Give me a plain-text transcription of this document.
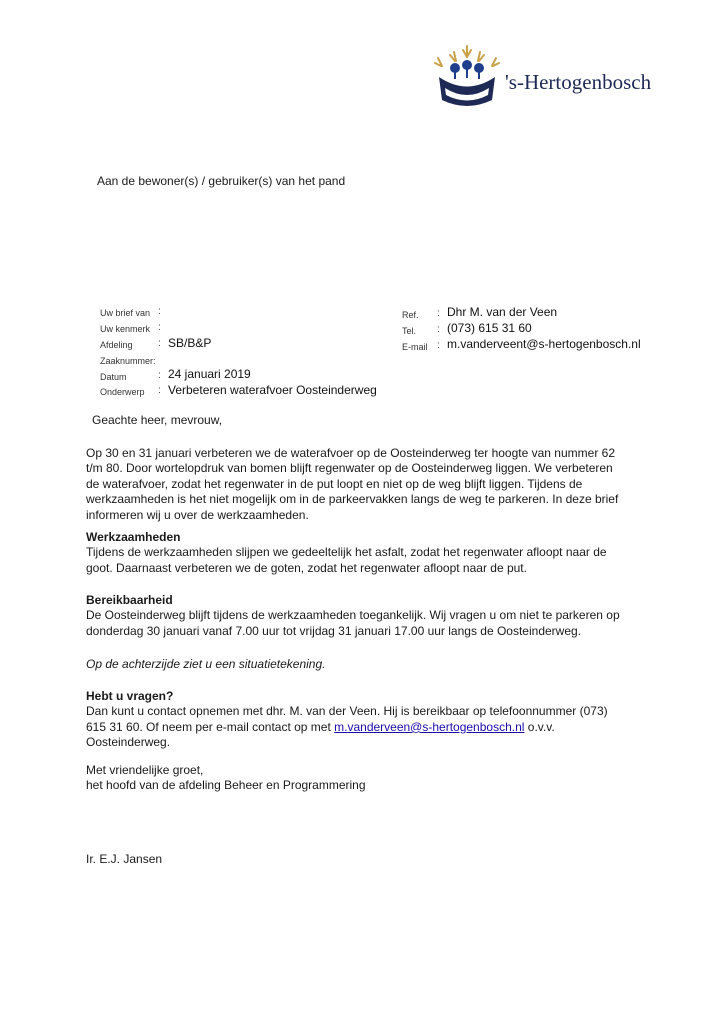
's-Hertogenbosch
Aan de bewoner(s) / gebruiker(s) van het pand
Uw brief van :
Uw kenmerk :
Afdeling	: SB/B&P
Zaaknummer:
Datum	: 24 januari 2019
Onderwerp : Verbeteren waterafvoer Oosteinderweg
Ref. : Dhr M. van der Veen
Tel. : (073) 615 31 60
E-mail : m.vanderveent@s-hertogenbosch.nl
Geachte heer, mevrouw,
Op 30 en 31 januari verbeteren we de waterafvoer op de Oosteinderweg ter hoogte van nummer 62
t/m 80. Door wortelopdruk van bomen blijft regenwater op de Oosteinderweg liggen. We verbeteren
de waterafvoer, zodat het regenwater in de put loopt en niet op de weg blijft liggen. Tijdens de
werkzaamheden is het niet mogelijk om in de parkeervakken langs de weg te parkeren. In deze brief
informeren wij u over de werkzaamheden.
Werkzaamheden
Tijdens de werkzaamheden slijpen we gedeeltelijk het asfalt, zodat het regenwater afloopt naar de
goot. Daarnaast verbeteren we de goten, zodat het regenwater afloopt naar de put.
Bereikbaarheid
De Oosteinderweg blijft tijdens de werkzaamheden toegankelijk. Wij vragen u om niet te parkeren op
donderdag 30 januari vanaf 7.00 uur tot vrijdag 31 januari 17.00 uur langs de Oosteinderweg.
Op de achterzijde ziet u een situatietekening.
Hebt u vragen?
Dan kunt u contact opnemen met dhr. M. van der Veen. Hij is bereikbaar op telefoonnummer (073)
615 31 60. Of neem per e-mail contact op met m.vanderveen@s-hertogenbosch.nl o.v.v.
Oosteinderweg.
Met vriendelijke groet,
het hoofd van de afdeling Beheer en Programmering
Ir. E.J. Jansen
